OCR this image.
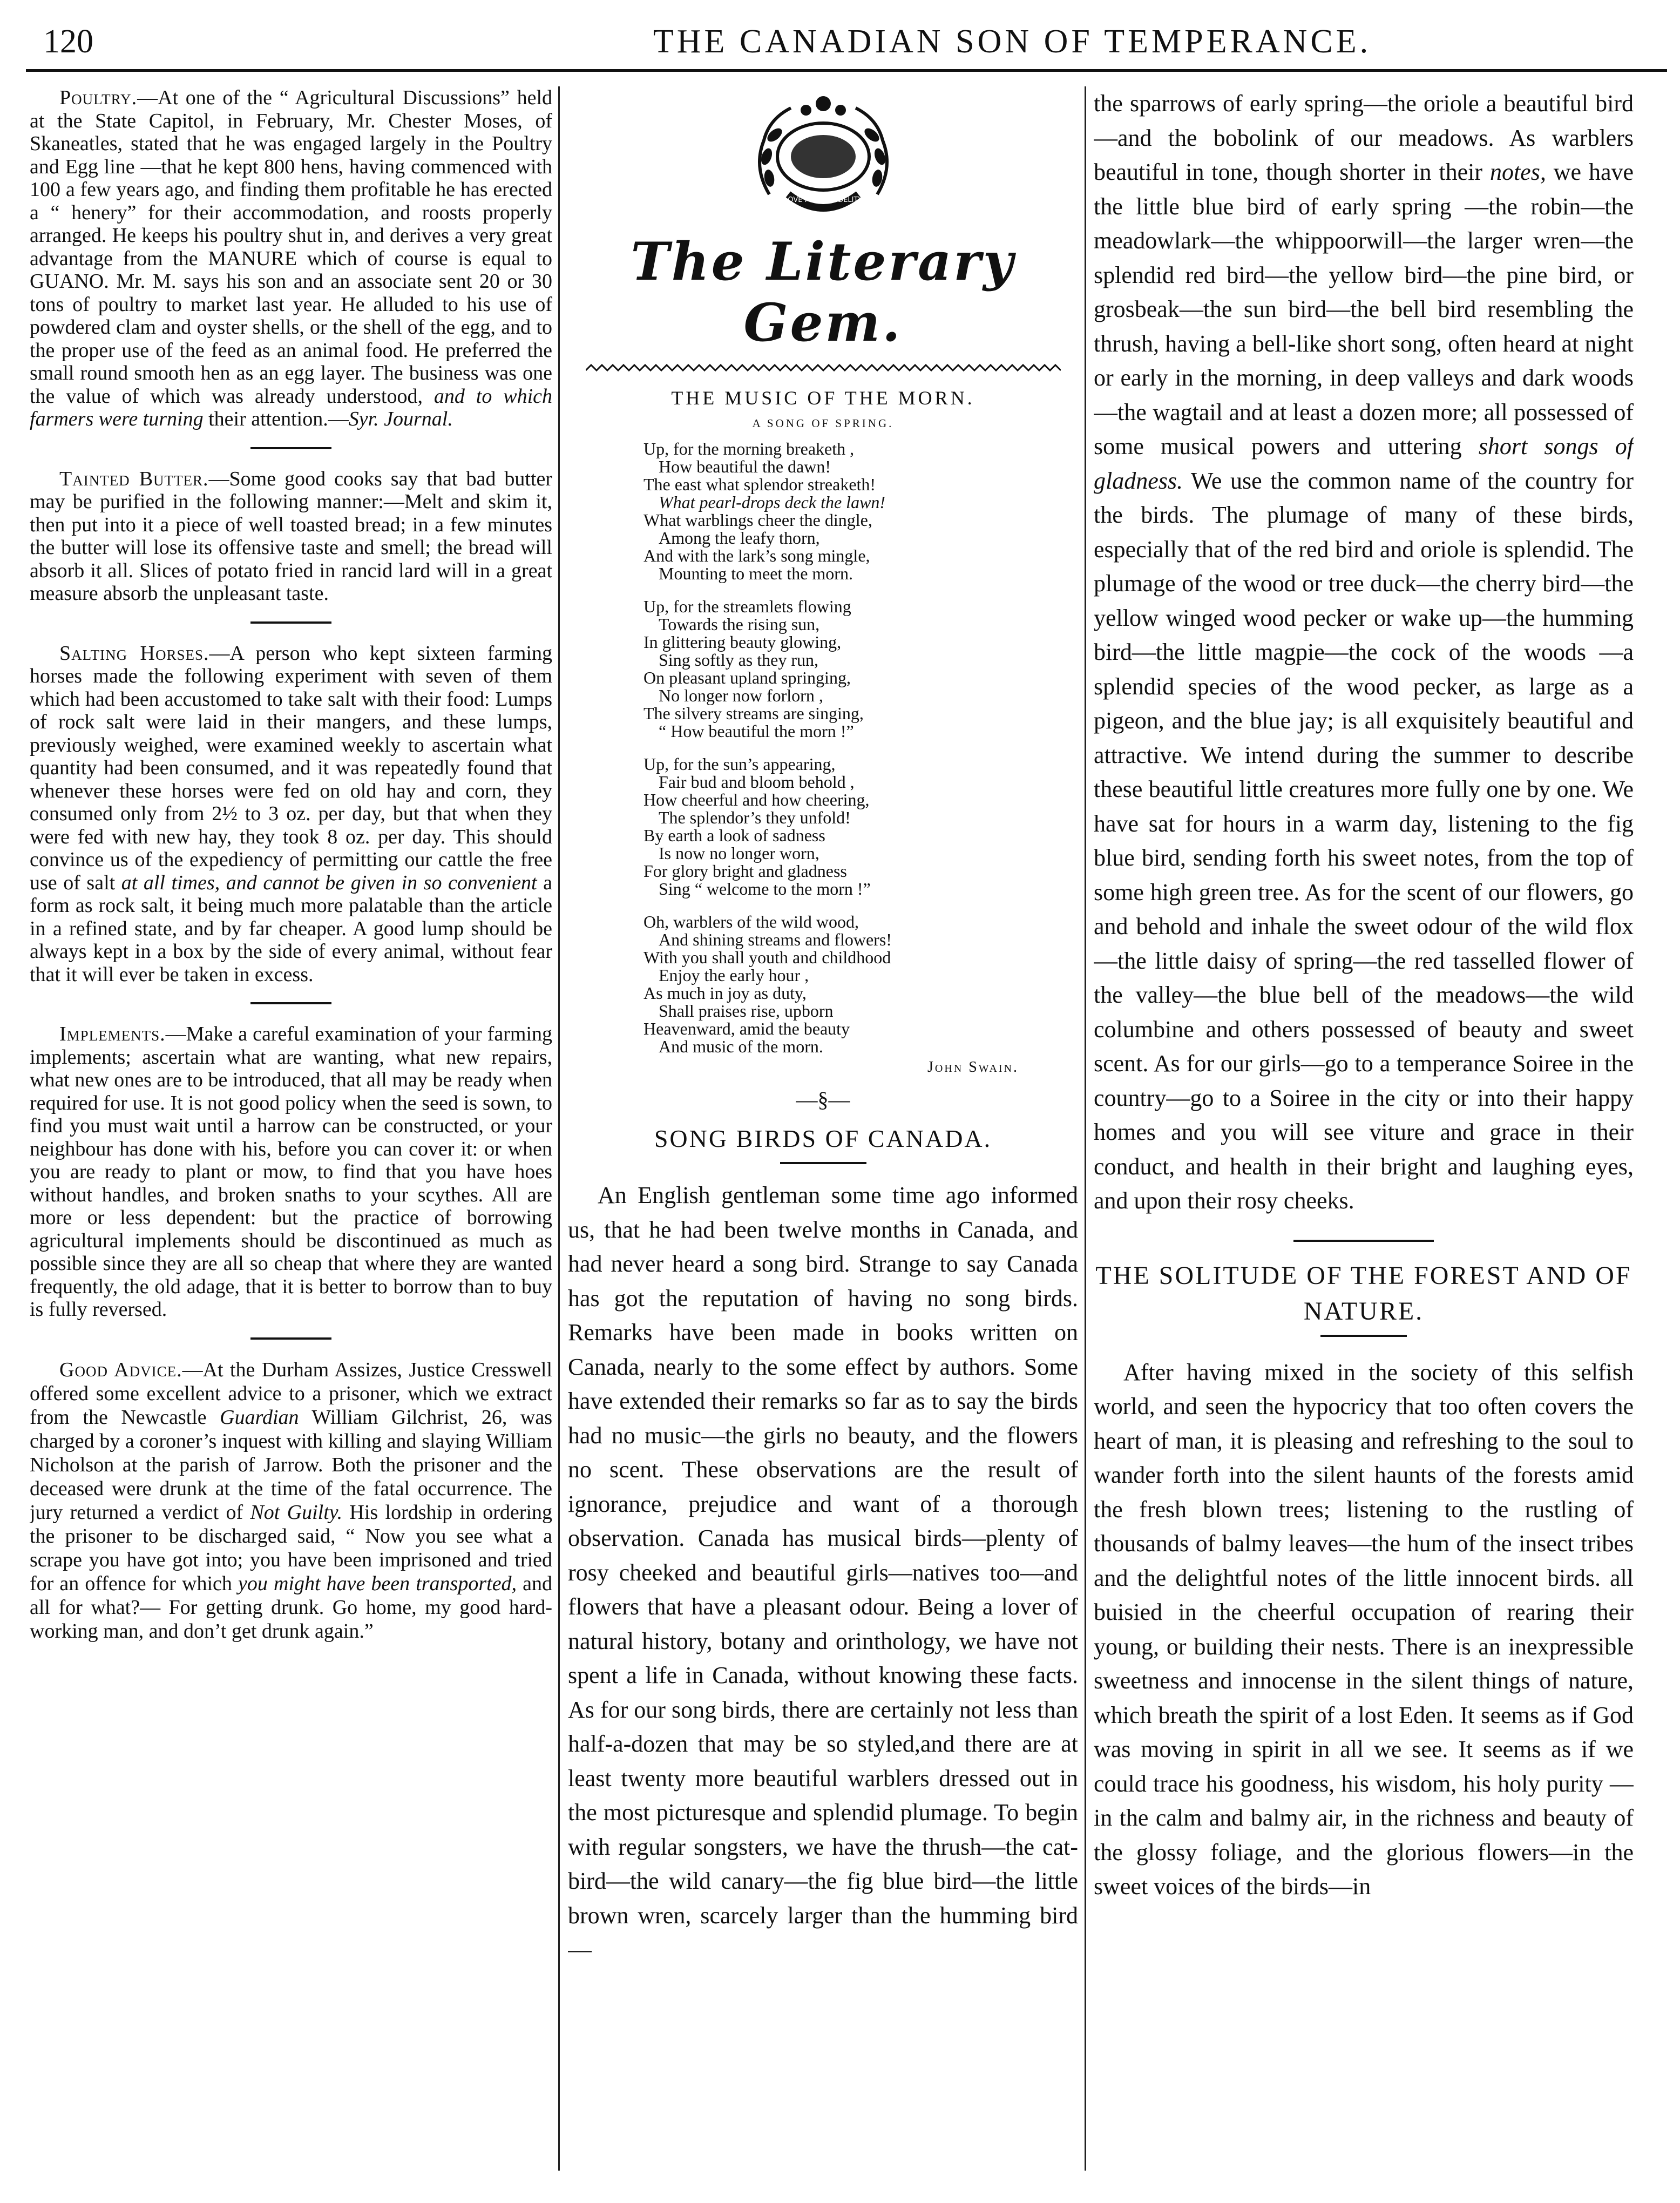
120	THE CANADIAN SON OF TEMPERANCE.

Poultry.—At one of the “ Agricultural Discussions” held at the State Capitol, in February, Mr. Chester Moses, of Skaneatles, stated that he was engaged largely in the Poultry and Egg line —that he kept 800 hens, having commenced with 100 a few years ago, and finding them profitable he has erected a “ henery” for their accommodation, and roosts properly arranged. He keeps his poultry shut in, and derives a very great advantage from the MANURE which of course is equal to GUANO. Mr. M. says his son and an associate sent 20 or 30 tons of poultry to market last year. He alluded to his use of powdered clam and oyster shells, or the shell of the egg, and to the proper use of the feed as an animal food. He preferred the small round smooth hen as an egg layer. The business was one the value of which was already understood, and to which farmers were turning their attention.—Syr. Journal.

Tainted Butter.—Some good cooks say that bad butter may be purified in the following manner:—Melt and skim it, then put into it a piece of well toasted bread; in a few minutes the butter will lose its offensive taste and smell; the bread will absorb it all. Slices of potato fried in rancid lard will in a great measure absorb the unpleasant taste.

Salting Horses.—A person who kept sixteen farming horses made the following experiment with seven of them which had been accustomed to take salt with their food: Lumps of rock salt were laid in their mangers, and these lumps, previously weighed, were examined weekly to ascertain what quantity had been consumed, and it was repeatedly found that whenever these horses were fed on old hay and corn, they consumed only from 2½ to 3 oz. per day, but that when they were fed with new hay, they took 8 oz. per day. This should convince us of the expediency of permitting our cattle the free use of salt at all times, and cannot be given in so convenient a form as rock salt, it being much more palatable than the article in a refined state, and by far cheaper. A good lump should be always kept in a box by the side of every animal, without fear that it will ever be taken in excess.

Implements.—Make a careful examination of your farming implements; ascertain what are wanting, what new repairs, what new ones are to be introduced, that all may be ready when required for use. It is not good policy when the seed is sown, to find you must wait until a harrow can be constructed, or your neighbour has done with his, before you can cover it: or when you are ready to plant or mow, to find that you have hoes without handles, and broken snaths to your scythes. All are more or less dependent: but the practice of borrowing agricultural implements should be discontinued as much as possible since they are all so cheap that where they are wanted frequently, the old adage, that it is better to borrow than to buy is fully reversed.

Good Advice.—At the Durham Assizes, Justice Cresswell offered some excellent advice to a prisoner, which we extract from the Newcastle Guardian William Gilchrist, 26, was charged by a coroner’s inquest with killing and slaying William Nicholson at the parish of Jarrow. Both the prisoner and the deceased were drunk at the time of the fatal occurrence. The jury returned a verdict of Not Guilty. His lordship in ordering the prisoner to be discharged said, “ Now you see what a scrape you have got into; you have been imprisoned and tried for an offence for which you might have been transported, and all for what?— For getting drunk. Go home, my good hard-working man, and don’t get drunk again.”

LOVE PURITY FIDELITY
The Literary Gem.
THE MUSIC OF THE MORN.
A SONG OF SPRING.
Up, for the morning breaketh ,
How beautiful the dawn!
The east what splendor streaketh!
What pearl-drops deck the lawn!
What warblings cheer the dingle,
Among the leafy thorn,
And with the lark’s song mingle,
Mounting to meet the morn.
Up, for the streamlets flowing
Towards the rising sun,
In glittering beauty glowing,
Sing softly as they run,
On pleasant upland springing,
No longer now forlorn ,
The silvery streams are singing,
“ How beautiful the morn !”
Up, for the sun’s appearing,
Fair bud and bloom behold ,
How cheerful and how cheering,
The splendor’s they unfold!
By earth a look of sadness
Is now no longer worn,
For glory bright and gladness
Sing “ welcome to the morn !”
Oh, warblers of the wild wood,
And shining streams and flowers!
With you shall youth and childhood
Enjoy the early hour ,
As much in joy as duty,
Shall praises rise, upborn
Heavenward, amid the beauty
And music of the morn.
John Swain.
—§—
SONG BIRDS OF CANADA.

An English gentleman some time ago informed us, that he had been twelve months in Canada, and had never heard a song bird. Strange to say Canada has got the reputation of having no song birds. Remarks have been made in books written on Canada, nearly to the some effect by authors. Some have extended their remarks so far as to say the birds had no music—the girls no beauty, and the flowers no scent. These observations are the result of ignorance, prejudice and want of a thorough observation. Canada has musical birds—plenty of rosy cheeked and beautiful girls—natives too—and flowers that have a pleasant odour. Being a lover of natural history, botany and orinthology, we have not spent a life in Canada, without knowing these facts. As for our song birds, there are certainly not less than half-a-dozen that may be so styled,and there are at least twenty more beautiful warblers dressed out in the most picturesque and splendid plumage. To begin with regular songsters, we have the thrush—the cat-bird—the wild canary—the fig blue bird—the little brown wren, scarcely larger than the humming bird—

the sparrows of early spring—the oriole a beautiful bird—and the bobolink of our meadows. As warblers beautiful in tone, though shorter in their notes, we have the little blue bird of early spring —the robin—the meadowlark—the whippoorwill—the larger wren—the splendid red bird—the yellow bird—the pine bird, or grosbeak—the sun bird—the bell bird resembling the thrush, having a bell-like short song, often heard at night or early in the morning, in deep valleys and dark woods—the wagtail and at least a dozen more; all possessed of some musical powers and uttering short songs of gladness. We use the common name of the country for the birds. The plumage of many of these birds, especially that of the red bird and oriole is splendid. The plumage of the wood or tree duck—the cherry bird—the yellow winged wood pecker or wake up—the humming bird—the little magpie—the cock of the woods —a splendid species of the wood pecker, as large as a pigeon, and the blue jay; is all exquisitely beautiful and attractive. We intend during the summer to describe these beautiful little creatures more fully one by one. We have sat for hours in a warm day, listening to the fig blue bird, sending forth his sweet notes, from the top of some high green tree. As for the scent of our flowers, go and behold and inhale the sweet odour of the wild flox—the little daisy of spring—the red tasselled flower of the valley—the blue bell of the meadows—the wild columbine and others possessed of beauty and sweet scent. As for our girls—go to a temperance Soiree in the country—go to a Soiree in the city or into their happy homes and you will see viture and grace in their conduct, and health in their bright and laughing eyes, and upon their rosy cheeks.

THE SOLITUDE OF THE FOREST AND OF NATURE.

After having mixed in the society of this selfish world, and seen the hypocricy that too often covers the heart of man, it is pleasing and refreshing to the soul to wander forth into the silent haunts of the forests amid the fresh blown trees; listening to the rustling of thousands of balmy leaves—the hum of the insect tribes and the delightful notes of the little innocent birds. all buisied in the cheerful occupation of rearing their young, or building their nests. There is an inexpressible sweetness and innocense in the silent things of nature, which breath the spirit of a lost Eden. It seems as if God was moving in spirit in all we see. It seems as if we could trace his goodness, his wisdom, his holy purity — in the calm and balmy air, in the richness and beauty of the glossy foliage, and the glorious flowers—in the sweet voices of the birds—in
